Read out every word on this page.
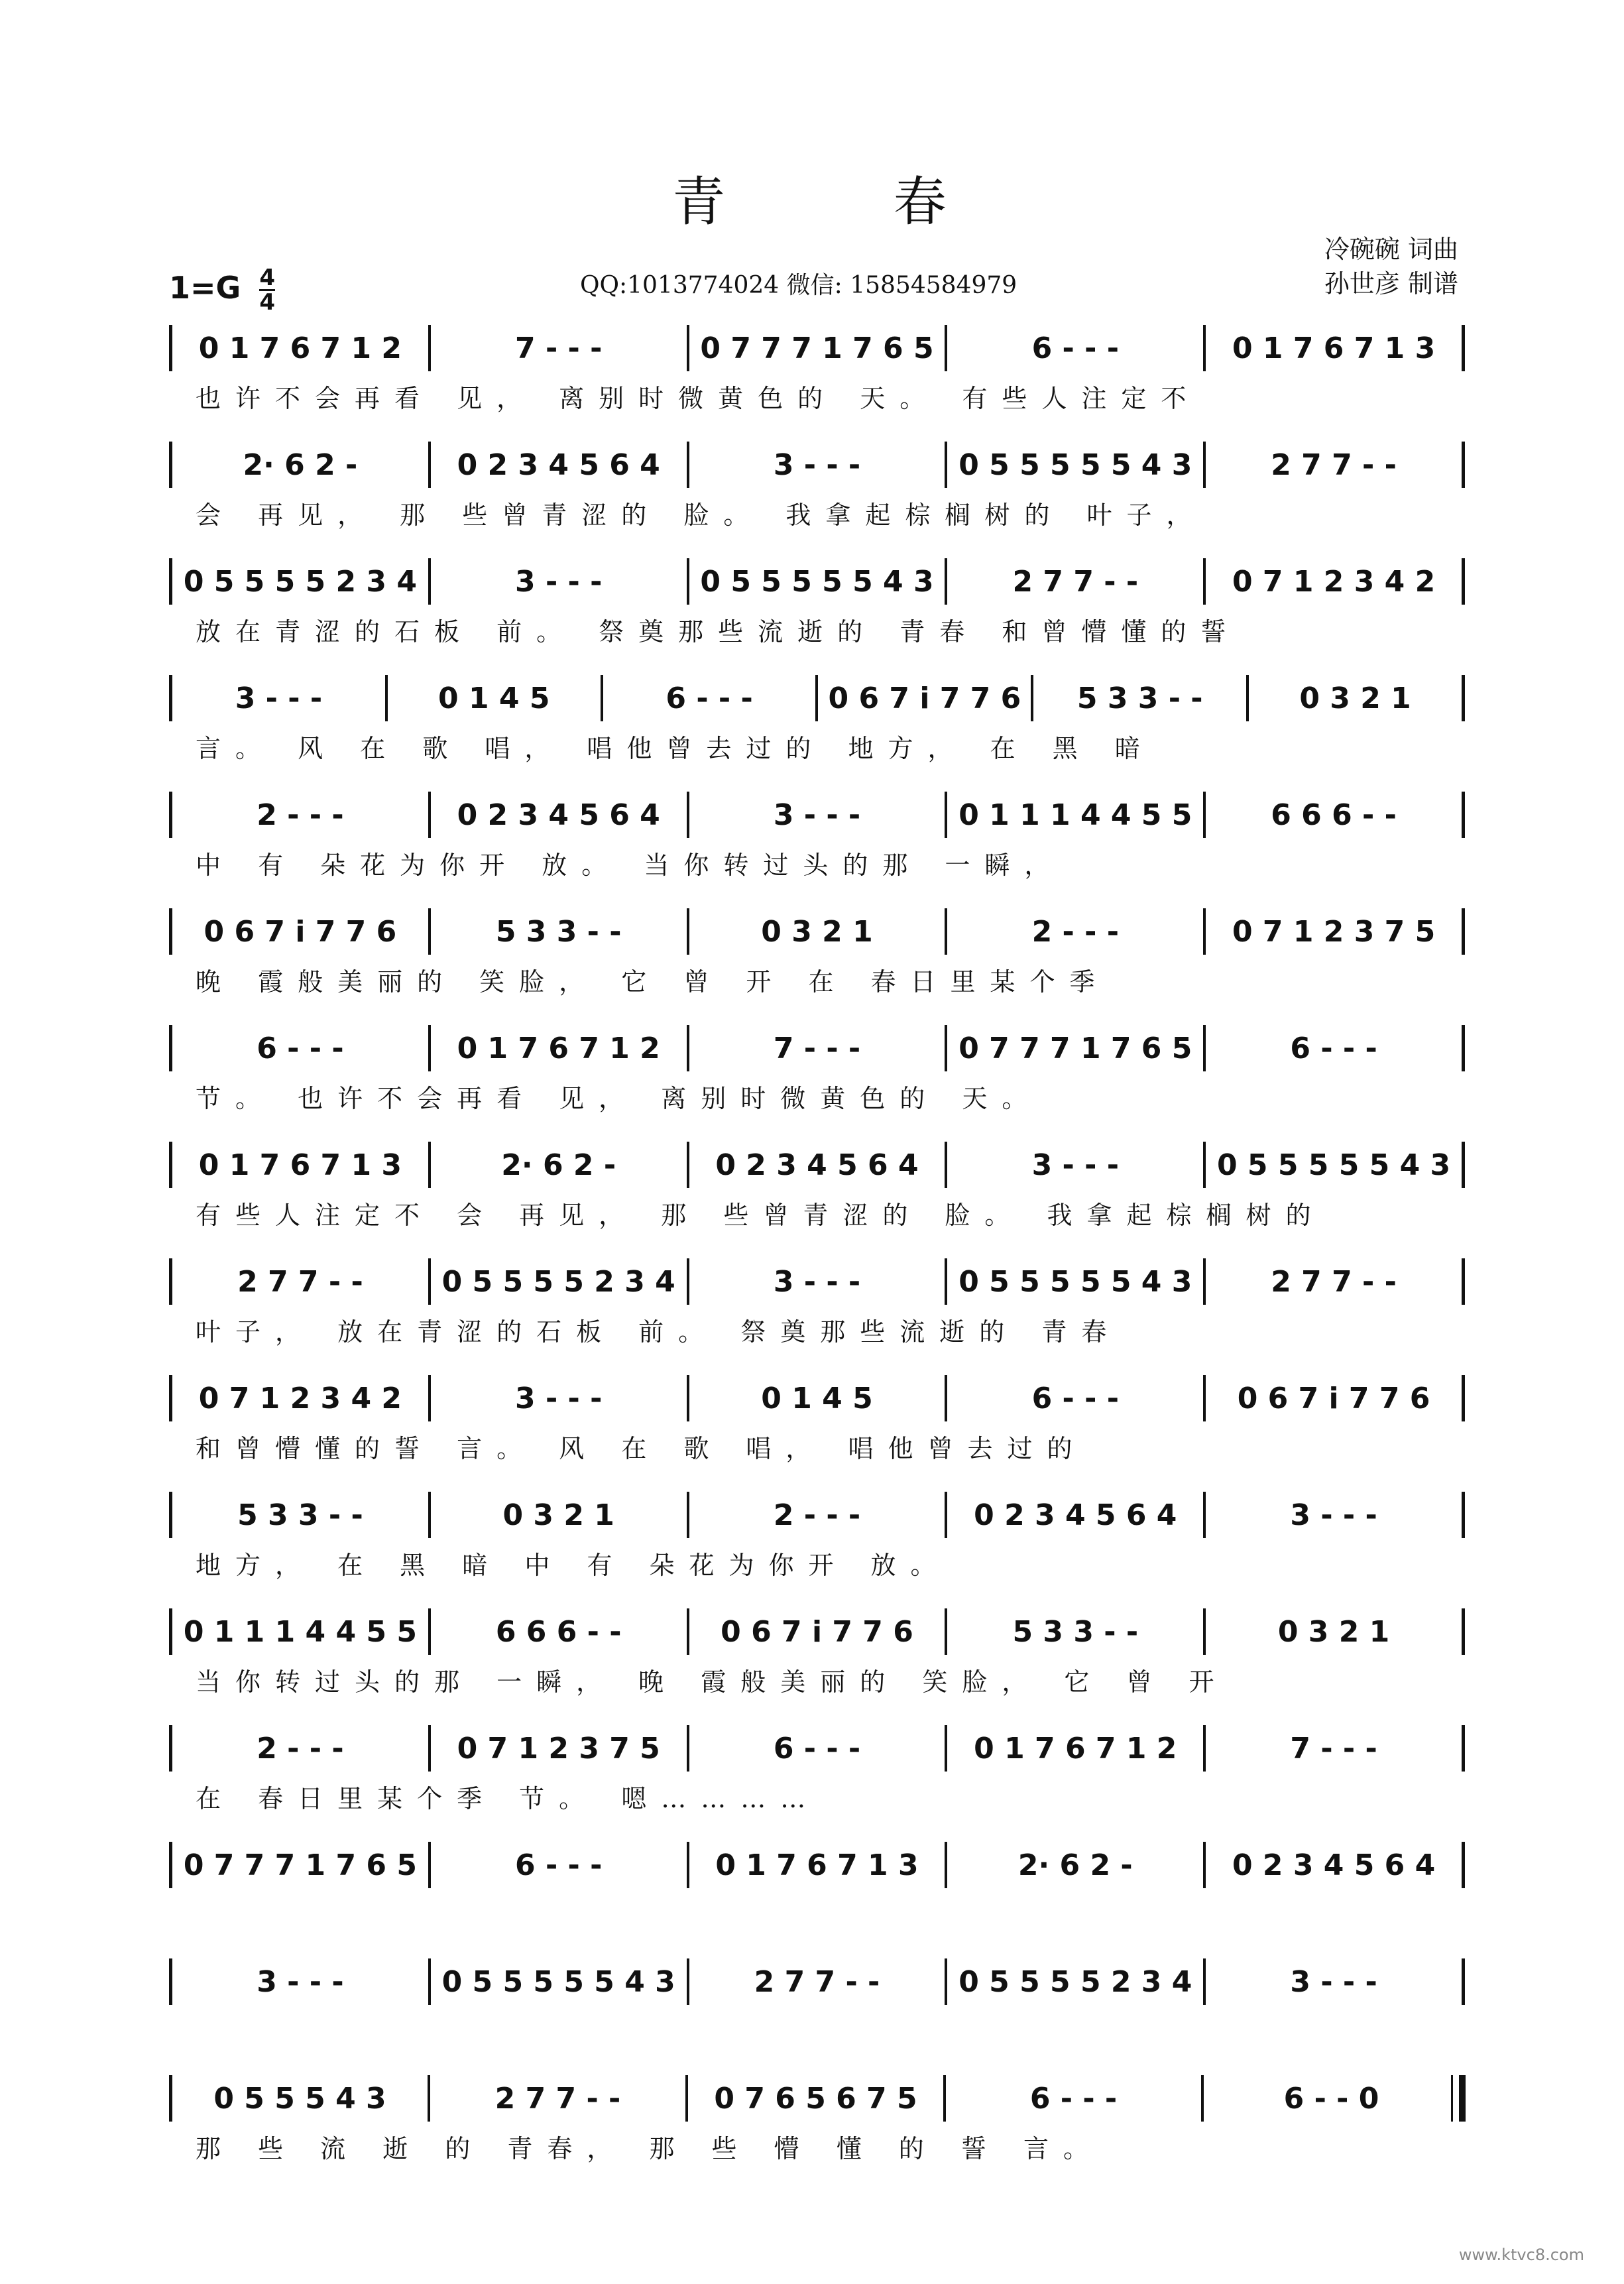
青	春
冷碗碗 词曲
孙世彦 制谱
$1=G \frac{4}{4}$	QQ:1013774024 微信: 15854584979
0 1 7 6 7 1 2	7 - - -	0 7 7 7 1 7 6 5	6 - - -	0 1 7 6 7 1 3
也许不会再看 见， 离别时微黄色的 天。 有些人注定不
2· 6 2 -	0 2 3 4 5 6 4	3 - - -	0 5 5 5 5 5 4 3	2 7 7 - -
会 再见， 那 些曾青涩的 脸。 我拿起棕榈树的 叶子，
0 5 5 5 5 2 3 4	3 - - -	0 5 5 5 5 5 4 3	2 7 7 - -	0 7 1 2 3 4 2
放在青涩的石板 前。 祭奠那些流逝的 青春 和曾懵懂的誓
3 - - -	0 1 4 5	6 - - -	0 6 7 i 7 7 6	5 3 3 - -	0 3 2 1
言。 风 在 歌 唱， 唱他曾去过的 地方， 在 黑 暗
2 - - -	0 2 3 4 5 6 4	3 - - -	0 1 1 1 4 4 5 5	6 6 6 - -
中 有 朵花为你开 放。 当你转过头的那 一瞬，
0 6 7 i 7 7 6	5 3 3 - -	0 3 2 1	2 - - -	0 7 1 2 3 7 5
晚 霞般美丽的 笑脸， 它 曾 开 在 春日里某个季
6 - - -	0 1 7 6 7 1 2	7 - - -	0 7 7 7 1 7 6 5	6 - - -
节。 也许不会再看 见， 离别时微黄色的 天。
0 1 7 6 7 1 3	2· 6 2 -	0 2 3 4 5 6 4	3 - - -	0 5 5 5 5 5 4 3
有些人注定不 会 再见， 那 些曾青涩的 脸。 我拿起棕榈树的
2 7 7 - -	0 5 5 5 5 2 3 4	3 - - -	0 5 5 5 5 5 4 3	2 7 7 - -
叶子， 放在青涩的石板 前。 祭奠那些流逝的 青春
0 7 1 2 3 4 2	3 - - -	0 1 4 5	6 - - -	0 6 7 i 7 7 6
和曾懵懂的誓 言。 风 在 歌 唱， 唱他曾去过的
5 3 3 - -	0 3 2 1	2 - - -	0 2 3 4 5 6 4	3 - - -
地方， 在 黑 暗 中 有 朵花为你开 放。
0 1 1 1 4 4 5 5	6 6 6 - -	0 6 7 i 7 7 6	5 3 3 - -	0 3 2 1
当你转过头的那 一瞬， 晚 霞般美丽的 笑脸， 它 曾 开
2 - - -	0 7 1 2 3 7 5	6 - - -	0 1 7 6 7 1 2	7 - - -
在 春日里某个季 节。 嗯…………
0 7 7 7 1 7 6 5	6 - - -	0 1 7 6 7 1 3	2· 6 2 -	0 2 3 4 5 6 4
3 - - -	0 5 5 5 5 5 4 3	2 7 7 - -	0 5 5 5 5 2 3 4	3 - - -
0 5 5 5 4 3	2 7 7 - -	0 7 6 5 6 7 5	6 - - -	6 - - 0
那 些 流 逝 的 青春， 那 些 懵 懂 的 誓 言。
www.ktvc8.com
